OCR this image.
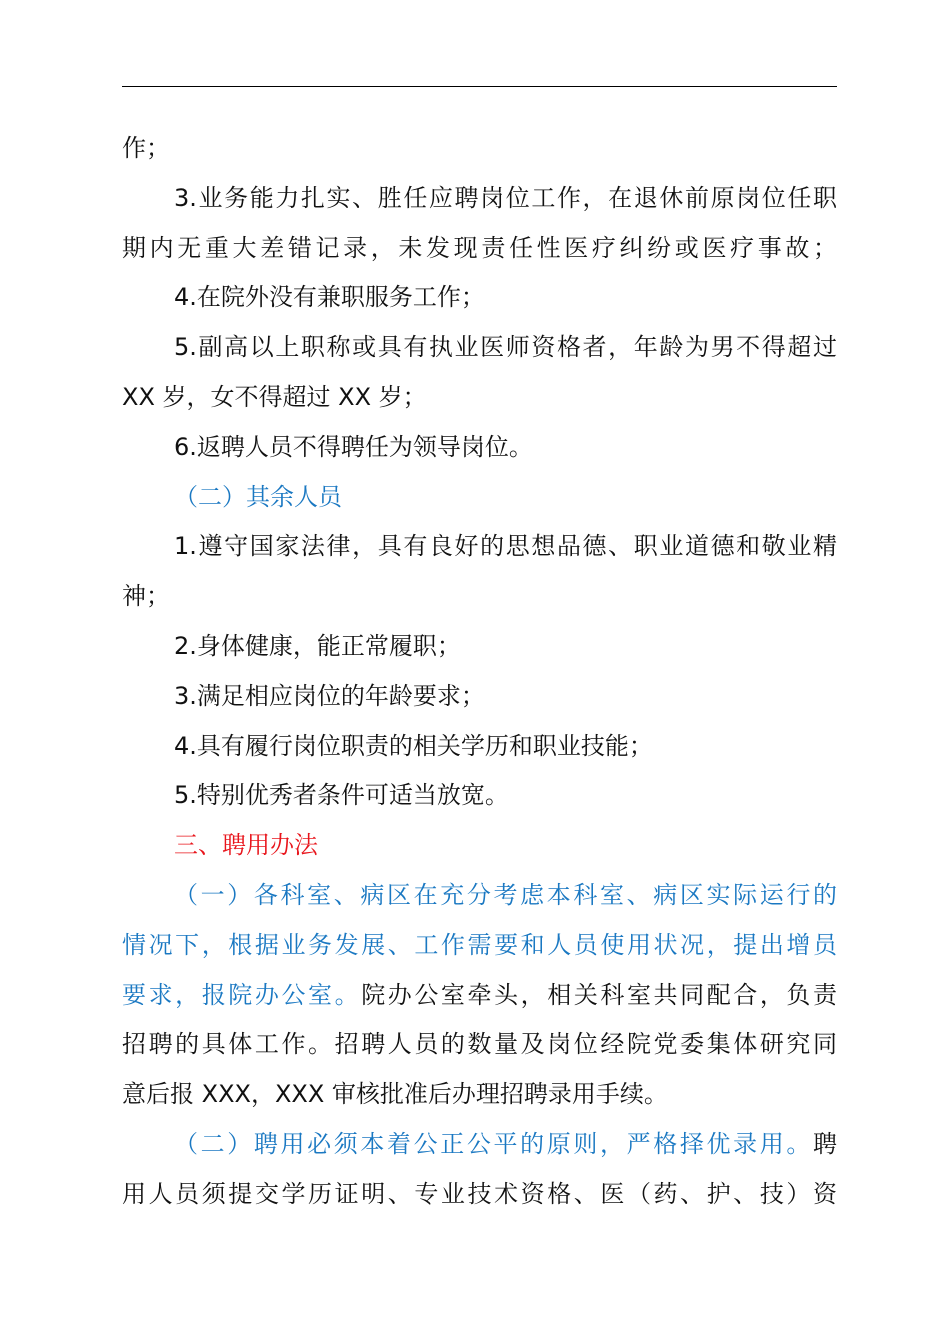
作；
3.业务能力扎实、胜任应聘岗位工作，在退休前原岗位任职
期内无重大差错记录，未发现责任性医疗纠纷或医疗事故；
4.在院外没有兼职服务工作；
5.副高以上职称或具有执业医师资格者，年龄为男不得超过
XX 岁，女不得超过 XX 岁；
6.返聘人员不得聘任为领导岗位。
（二）其余人员
1.遵守国家法律，具有良好的思想品德、职业道德和敬业精
神；
2.身体健康，能正常履职；
3.满足相应岗位的年龄要求；
4.具有履行岗位职责的相关学历和职业技能；
5.特别优秀者条件可适当放宽。
三、聘用办法
（一）各科室、病区在充分考虑本科室、病区实际运行的
情况下，根据业务发展、工作需要和人员使用状况，提出增员
要求，报院办公室。院办公室牵头，相关科室共同配合，负责
招聘的具体工作。招聘人员的数量及岗位经院党委集体研究同
意后报 XXX，XXX 审核批准后办理招聘录用手续。
（二）聘用必须本着公正公平的原则，严格择优录用。聘
用人员须提交学历证明、专业技术资格、医（药、护、技）资
